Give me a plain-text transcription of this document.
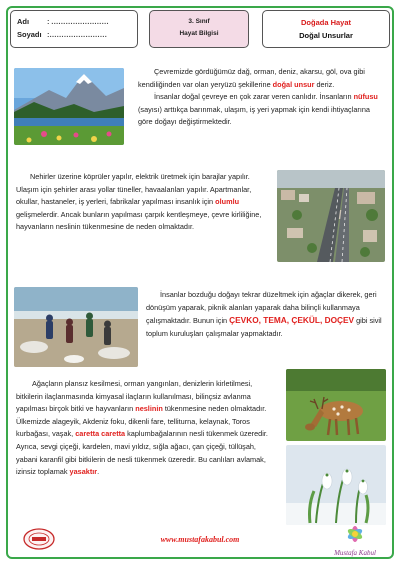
Adı : ……………………
Soyadı :……………………
3. Sınıf
Hayat Bilgisi
Doğada Hayat
Doğal Unsurlar

Çevremizde gördüğümüz dağ, orman, deniz, akarsu, göl, ova gibi kendiliğinden var olan yeryüzü şekillerine doğal unsur deriz.

İnsanlar doğal çevreye en çok zarar veren canlıdır. İnsanların nüfusu (sayısı) arttıkça barınmak, ulaşım, iş yeri yapmak için kendi ihtiyaçlarına göre doğayı değiştirmektedir.

Nehirler üzerine köprüler yapılır, elektrik üretmek için barajlar yapılır. Ulaşım için şehirler arası yollar tüneller, havaalanları yapılır. Apartmanlar, okullar, hastaneler, iş yerleri, fabrikalar yapılması insanlık için olumlu gelişmelerdir. Ancak bunların yapılması çarpık kentleşmeye, çevre kirliliğine, hayvanların neslinin tükenmesine de neden olmaktadır.

İnsanlar bozduğu doğayı tekrar düzeltmek için ağaçlar dikerek, geri dönüşüm yaparak, piknik alanları yaparak daha bilinçli kullanmaya çalışmaktadır. Bunun için ÇEVKO, TEMA, ÇEKÜL, DOÇEV gibi sivil toplum kuruluşları çalışmalar yapmaktadır.

Ağaçların plansız kesilmesi, orman yangınları, denizlerin kirletilmesi, bitkilerin ilaçlanmasında kimyasal ilaçların kullanılması, bilinçsiz avlanma yapılması birçok bitki ve hayvanların neslinin tükenmesine neden olmaktadır. Ülkemizde alageyik, Akdeniz foku, dikenli fare, telliturna, kelaynak, Toros kurbağası, vaşak, caretta caretta kaplumbağalarının nesli tükenmek üzeredir. Ayrıca, sevgi çiçeği, kardelen, mavi yıldız, sığla ağacı, çan çiçeği, tüllüşah, yabani karanfil gibi bitkilerin de nesli tükenmek üzeredir. Bu canlıları avlamak, izinsiz toplamak yasaktır.

www.mustafakabul.com
Mustafa Kabul
